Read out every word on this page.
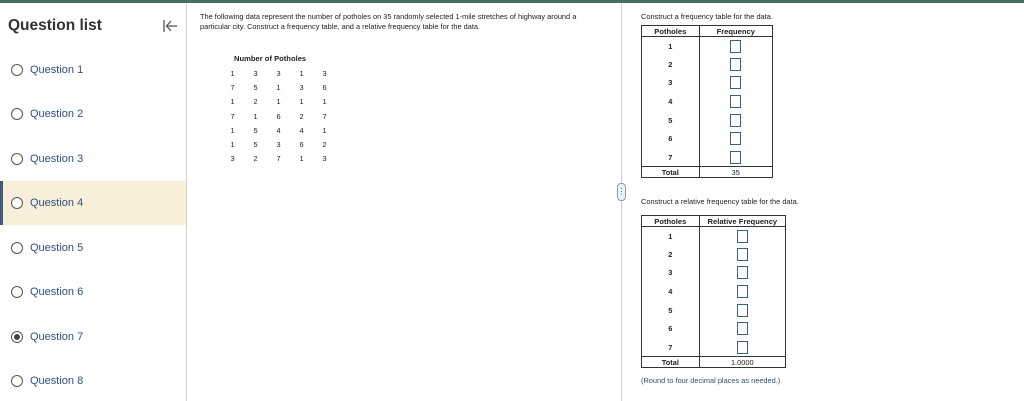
Question list
Question 1
Question 2
Question 3
Question 4
Question 5
Question 6
Question 7
Question 8
The following data represent the number of potholes on 35 randomly selected 1-mile stretches of highway around a particular city. Construct a frequency table, and a relative frequency table for the data.
Number of Potholes
1	3	3	1	3
7	5	1	3	6
1	2	1	1	1
7	1	6	2	7
1	5	4	4	1
1	5	3	6	2
3	2	7	1	3
⋮
Construct a frequency table for the data.
Potholes	Frequency
1	
2	
3	
4	
5	
6	
7	
Total	35
Construct a relative frequency table for the data.
Potholes	Relative Frequency
1	
2	
3	
4	
5	
6	
7	
Total	1.0000
(Round to four decimal places as needed.)
